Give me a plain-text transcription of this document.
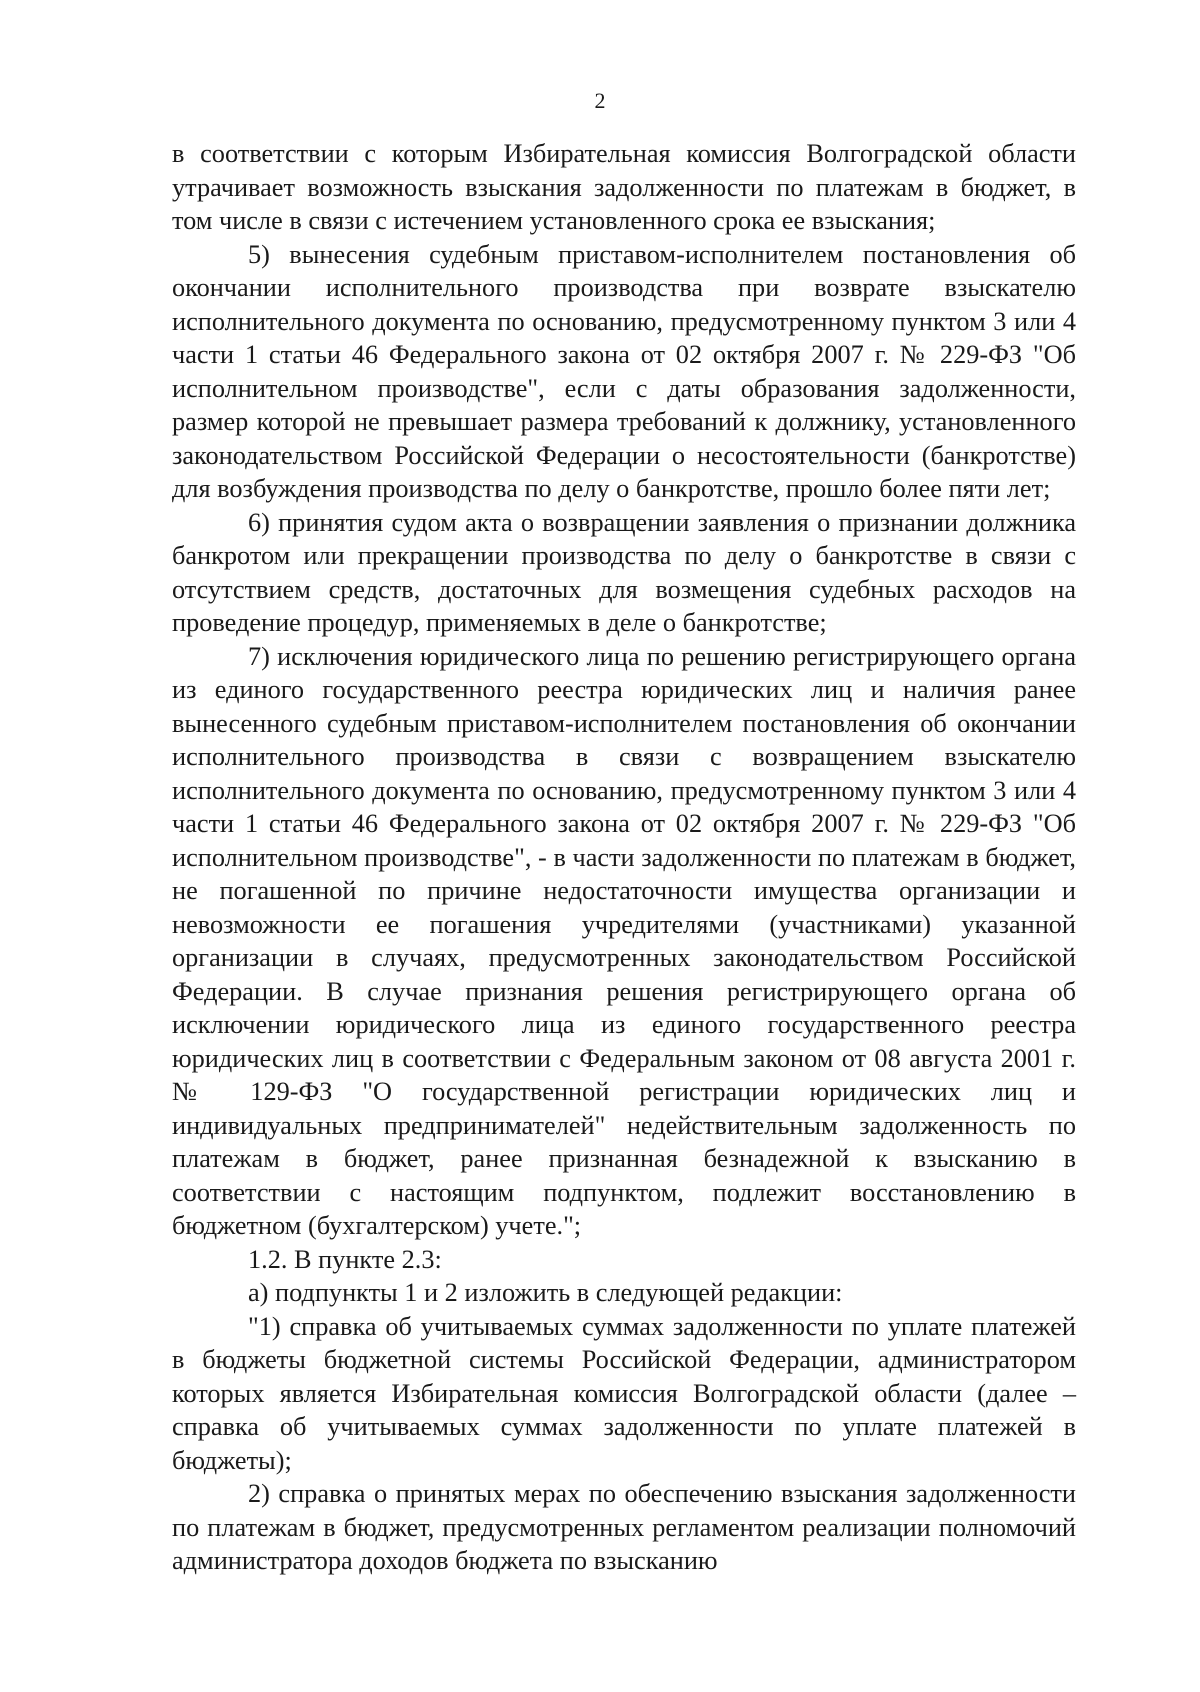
2

в соответствии с которым Избирательная комиссия Волгоградской области утрачивает возможность взыскания задолженности по платежам в бюджет, в том числе в связи с истечением установленного срока ее взыскания;

5) вынесения судебным приставом-исполнителем постановления об окончании исполнительного производства при возврате взыскателю исполнительного документа по основанию, предусмотренному пунктом 3 или 4 части 1 статьи 46 Федерального закона от 02 октября 2007 г. № 229-ФЗ "Об исполнительном производстве", если с даты образования задолженности, размер которой не превышает размера требований к должнику, установленного законодательством Российской Федерации о несостоятельности (банкротстве) для возбуждения производства по делу о банкротстве, прошло более пяти лет;

6) принятия судом акта о возвращении заявления о признании должника банкротом или прекращении производства по делу о банкротстве в связи с отсутствием средств, достаточных для возмещения судебных расходов на проведение процедур, применяемых в деле о банкротстве;

7) исключения юридического лица по решению регистрирующего органа из единого государственного реестра юридических лиц и наличия ранее вынесенного судебным приставом-исполнителем постановления об окончании исполнительного производства в связи с возвращением взыскателю исполнительного документа по основанию, предусмотренному пунктом 3 или 4 части 1 статьи 46 Федерального закона от 02 октября 2007 г. № 229-ФЗ "Об исполнительном производстве", - в части задолженности по платежам в бюджет, не погашенной по причине недостаточности имущества организации и невозможности ее погашения учредителями (участниками) указанной организации в случаях, предусмотренных законодательством Российской Федерации. В случае признания решения регистрирующего органа об исключении юридического лица из единого государственного реестра юридических лиц в соответствии с Федеральным законом от 08 августа 2001 г. № 129-ФЗ "О государственной регистрации юридических лиц и индивидуальных предпринимателей" недействительным задолженность по платежам в бюджет, ранее признанная безнадежной к взысканию в соответствии с настоящим подпунктом, подлежит восстановлению в бюджетном (бухгалтерском) учете.";

1.2. В пункте 2.3:

а) подпункты 1 и 2 изложить в следующей редакции:

"1) справка об учитываемых суммах задолженности по уплате платежей в бюджеты бюджетной системы Российской Федерации, администратором которых является Избирательная комиссия Волгоградской области (далее – справка об учитываемых суммах задолженности по уплате платежей в бюджеты);

2) справка о принятых мерах по обеспечению взыскания задолженности по платежам в бюджет, предусмотренных регламентом реализации полномочий администратора доходов бюджета по взысканию
